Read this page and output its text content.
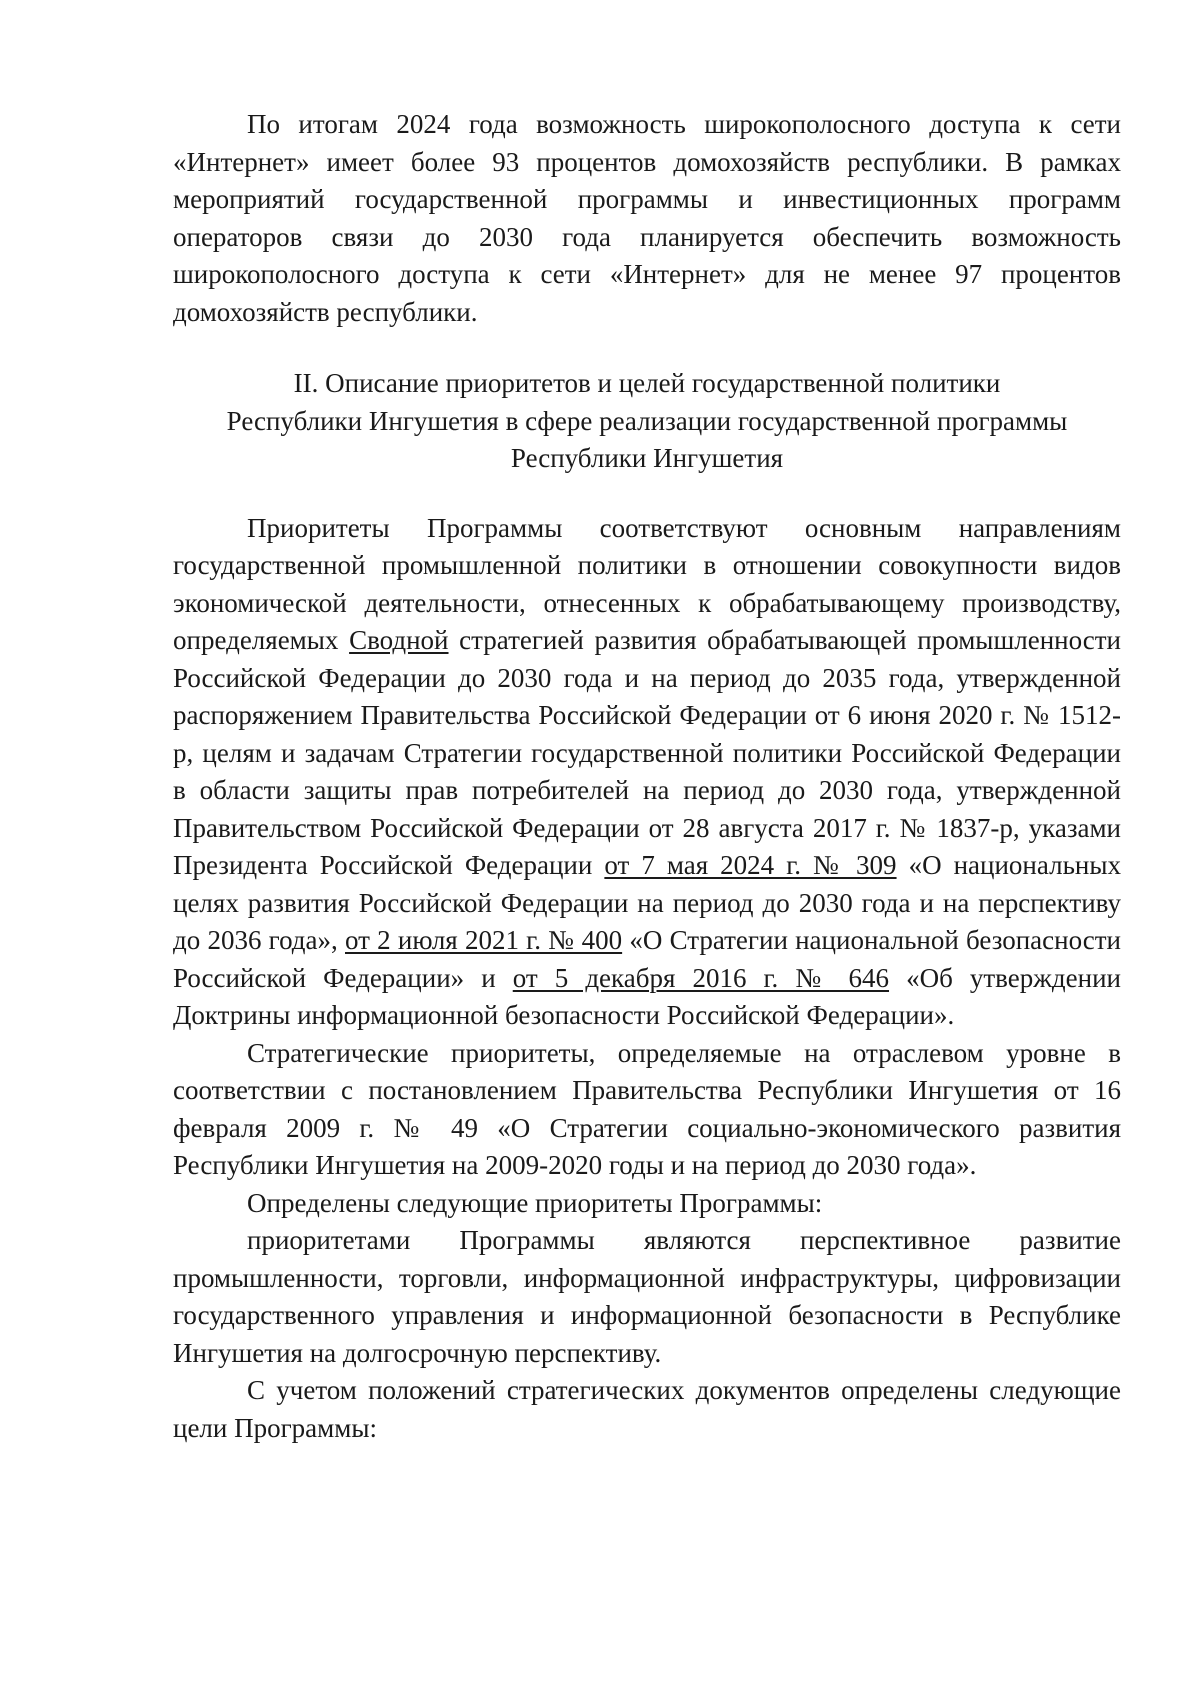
По итогам 2024 года возможность широкополосного доступа к сети «Интернет» имеет более 93 процентов домохозяйств республики. В рамках мероприятий государственной программы и инвестиционных программ операторов связи до 2030 года планируется обеспечить возможность широкополосного доступа к сети «Интернет» для не менее 97 процентов домохозяйств республики.

II. Описание приоритетов и целей государственной политики
Республики Ингушетия в сфере реализации государственной программы
Республики Ингушетия

Приоритеты Программы соответствуют основным направлениям государственной промышленной политики в отношении совокупности видов экономической деятельности, отнесенных к обрабатывающему производству, определяемых Сводной стратегией развития обрабатывающей промышленности Российской Федерации до 2030 года и на период до 2035 года, утвержденной распоряжением Правительства Российской Федерации от 6 июня 2020 г. № 1512-р, целям и задачам Стратегии государственной политики Российской Федерации в области защиты прав потребителей на период до 2030 года, утвержденной Правительством Российской Федерации от 28 августа 2017 г. № 1837-р, указами Президента Российской Федерации от 7 мая 2024 г. № 309 «О национальных целях развития Российской Федерации на период до 2030 года и на перспективу до 2036 года», от 2 июля 2021 г. № 400 «О Стратегии национальной безопасности Российской Федерации» и от 5 декабря 2016 г. № 646 «Об утверждении Доктрины информационной безопасности Российской Федерации».

Стратегические приоритеты, определяемые на отраслевом уровне в соответствии с постановлением Правительства Республики Ингушетия от 16 февраля 2009 г. № 49 «О Стратегии социально-экономического развития Республики Ингушетия на 2009-2020 годы и на период до 2030 года».

Определены следующие приоритеты Программы:

приоритетами Программы являются перспективное развитие промышленности, торговли, информационной инфраструктуры, цифровизации государственного управления и информационной безопасности в Республике Ингушетия на долгосрочную перспективу.

С учетом положений стратегических документов определены следующие цели Программы:
